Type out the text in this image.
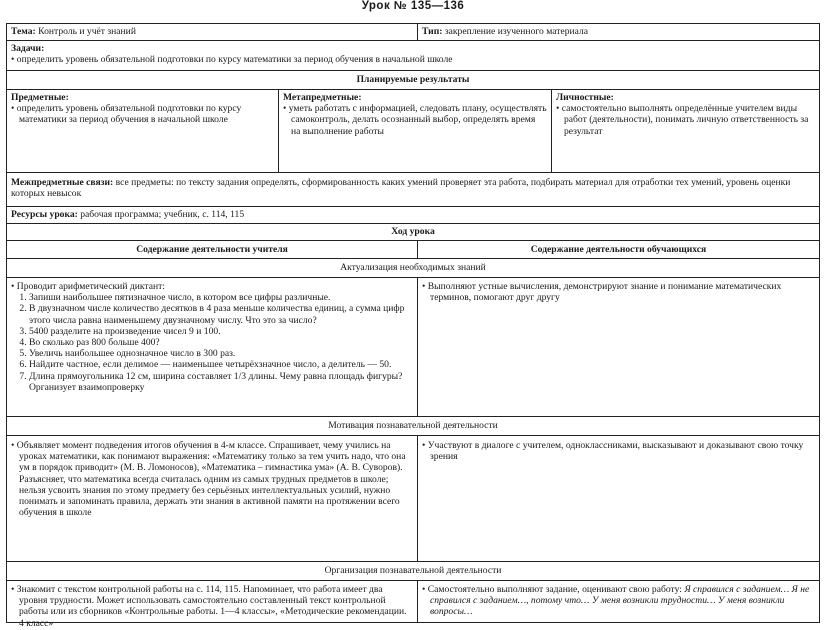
Урок № 135—136
Тема: Контроль и учёт знаний	Тип: закрепление изученного материала
Задачи:
• определить уровень обязательной подготовки по курсу математики за период обучения в начальной школе
Планируемые результаты
Предметные:
• определить уровень обязательной подготовки по курсу математики за период обучения в начальной школе
Метапредметные:
• уметь работать с информацией, следовать плану, осуществлять самоконтроль, делать осознанный выбор, определять время на выполнение работы
Личностные:
• самостоятельно выполнять определённые учителем виды работ (деятельности), понимать личную ответственность за результат
Межпредметные связи: все предметы: по тексту задания определять, сформированность каких умений проверяет эта работа, подбирать материал для отработки тех умений, уровень оценки которых невысок
Ресурсы урока: рабочая программа; учебник, с. 114, 115
Ход урока
Содержание деятельности учителя	Содержание деятельности обучающихся
Актуализация необходимых знаний
• Проводит арифметический диктант:
1. Запиши наибольшее пятизначное число, в котором все цифры различные.
2. В двузначном числе количество десятков в 4 раза меньше количества единиц, а сумма цифр этого числа равна наименьшему двузначному числу. Что это за число?
3. 5400 разделите на произведение чисел 9 и 100.
4. Во сколько раз 800 больше 400?
5. Увеличь наибольшее однозначное число в 300 раз.
6. Найдите частное, если делимое — наименьшее четырёхзначное число, а делитель — 50.
7. Длина прямоугольника 12 см, ширина составляет 1/3 длины. Чему равна площадь фигуры?
Организует взаимопроверку
• Выполняют устные вычисления, демонстрируют знание и понимание математических терминов, помогают друг другу
Мотивация познавательной деятельности
• Объявляет момент подведения итогов обучения в 4-м классе. Спрашивает, чему учились на уроках математики, как понимают выражения: «Математику только за тем учить надо, что она ум в порядок приводит» (М. В. Ломоносов), «Математика – гимнастика ума» (А. В. Суворов). Разъясняет, что математика всегда считалась одним из самых трудных предметов в школе; нельзя усвоить знания по этому предмету без серьёзных интеллектуальных усилий, нужно понимать и запоминать правила, держать эти знания в активной памяти на протяжении всего обучения в школе
• Участвуют в диалоге с учителем, одноклассниками, высказывают и доказывают свою точку зрения
Организация познавательной деятельности
• Знакомит с текстом контрольной работы на с. 114, 115. Напоминает, что работа имеет два уровня трудности. Может использовать самостоятельно составленный текст контрольной работы или из сборников «Контрольные работы. 1—4 классы», «Методические рекомендации. 4 класс»
• Самостоятельно выполняют задание, оценивают свою работу: Я справился с заданием… Я не справился с заданием…, потому что… У меня возникли трудности… У меня возникли вопросы…
